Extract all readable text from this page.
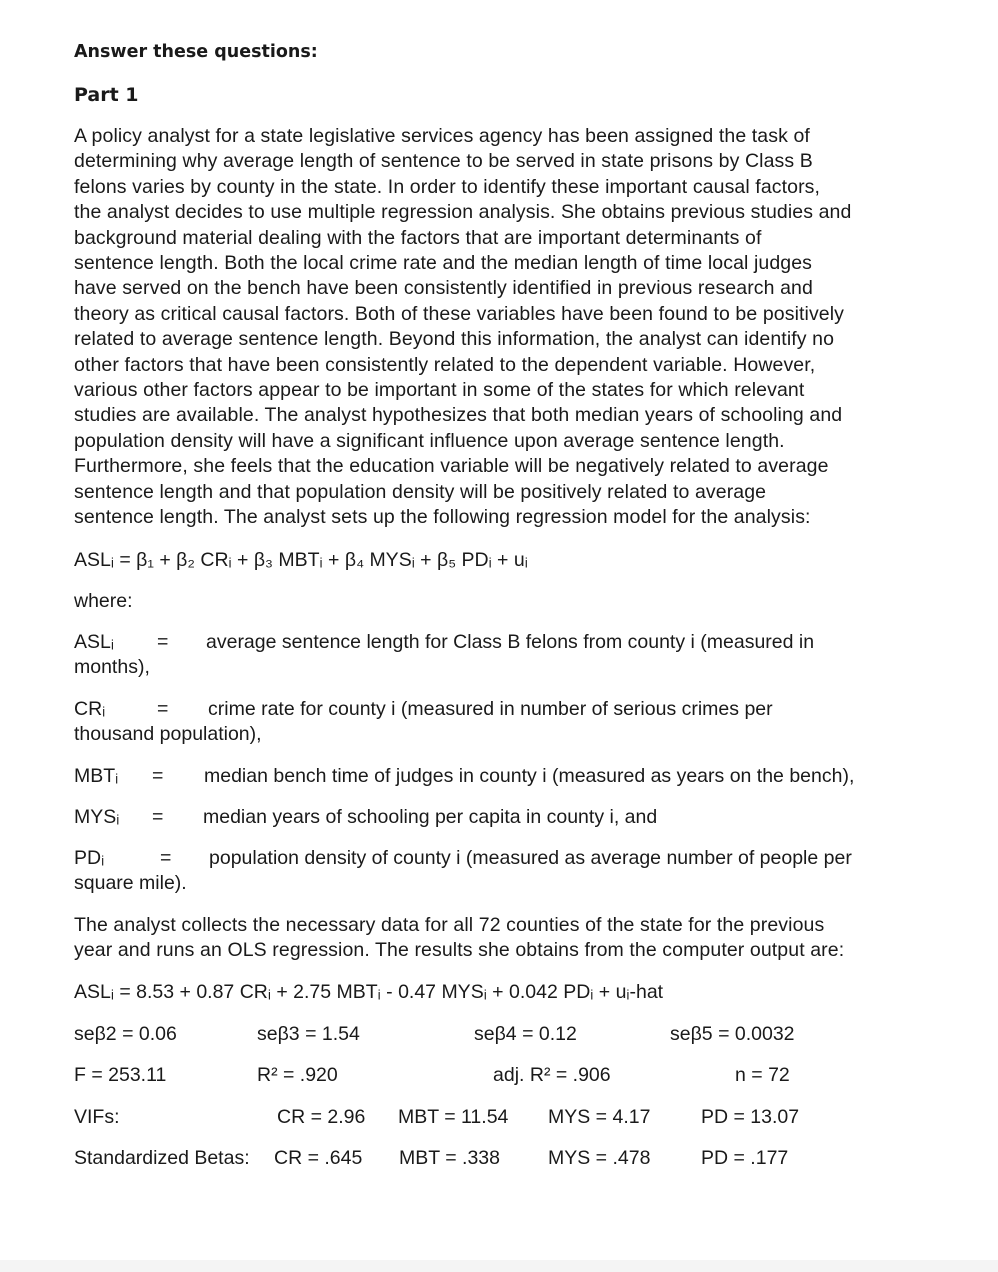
Answer these questions:
Part 1
A policy analyst for a state legislative services agency has been assigned the task of
determining why average length of sentence to be served in state prisons by Class B
felons varies by county in the state. In order to identify these important causal factors,
the analyst decides to use multiple regression analysis. She obtains previous studies and
background material dealing with the factors that are important determinants of
sentence length. Both the local crime rate and the median length of time local judges
have served on the bench have been consistently identified in previous research and
theory as critical causal factors. Both of these variables have been found to be positively
related to average sentence length. Beyond this information, the analyst can identify no
other factors that have been consistently related to the dependent variable. However,
various other factors appear to be important in some of the states for which relevant
studies are available. The analyst hypothesizes that both median years of schooling and
population density will have a significant influence upon average sentence length.
Furthermore, she feels that the education variable will be negatively related to average
sentence length and that population density will be positively related to average
sentence length. The analyst sets up the following regression model for the analysis:
ASLᵢ = β₁ + β₂ CRᵢ + β₃ MBTᵢ + β₄ MYSᵢ + β₅ PDᵢ + uᵢ
where:
ASLᵢ = average sentence length for Class B felons from county i (measured in
months),
CRᵢ	= crime rate for county i (measured in number of serious crimes per
thousand population),
MBTᵢ = median bench time of judges in county i (measured as years on the bench),
MYSᵢ = median years of schooling per capita in county i, and
PDᵢ	= population density of county i (measured as average number of people per
square mile).
The analyst collects the necessary data for all 72 counties of the state for the previous
year and runs an OLS regression. The results she obtains from the computer output are:
ASLᵢ = 8.53 + 0.87 CRᵢ + 2.75 MBTᵢ - 0.47 MYSᵢ + 0.042 PDᵢ + uᵢ-hat
seβ2 = 0.06	seβ3 = 1.54	seβ4 = 0.12	seβ5 = 0.0032
F = 253.11	R² = .920	adj. R² = .906	n = 72
VIFs:	CR = 2.96 MBT = 11.54 MYS = 4.17	PD = 13.07
Standardized Betas: CR = .645 MBT = .338 MYS = .478	PD = .177
